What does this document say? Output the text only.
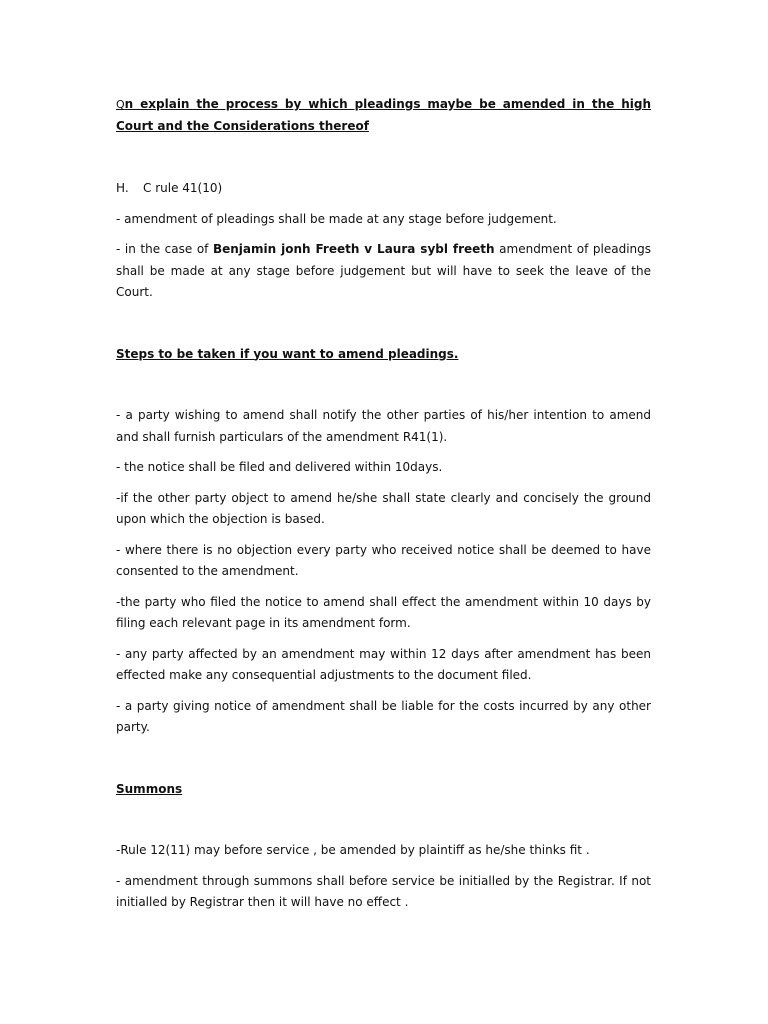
Qn explain the process by which pleadings maybe be amended in the high Court and the Considerations thereof

H. C rule 41(10)

- amendment of pleadings shall be made at any stage before judgement.

- in the case of Benjamin jonh Freeth v Laura sybl freeth amendment of pleadings shall be made at any stage before judgement but will have to seek the leave of the Court.

Steps to be taken if you want to amend pleadings.

- a party wishing to amend shall notify the other parties of his/her intention to amend and shall furnish particulars of the amendment R41(1).

- the notice shall be filed and delivered within 10days.

-if the other party object to amend he/she shall state clearly and concisely the ground upon which the objection is based.

- where there is no objection every party who received notice shall be deemed to have consented to the amendment.

-the party who filed the notice to amend shall effect the amendment within 10 days by filing each relevant page in its amendment form.

- any party affected by an amendment may within 12 days after amendment has been effected make any consequential adjustments to the document filed.

- a party giving notice of amendment shall be liable for the costs incurred by any other party.

Summons

-Rule 12(11) may before service , be amended by plaintiff as he/she thinks fit .

- amendment through summons shall before service be initialled by the Registrar. If not initialled by Registrar then it will have no effect .
